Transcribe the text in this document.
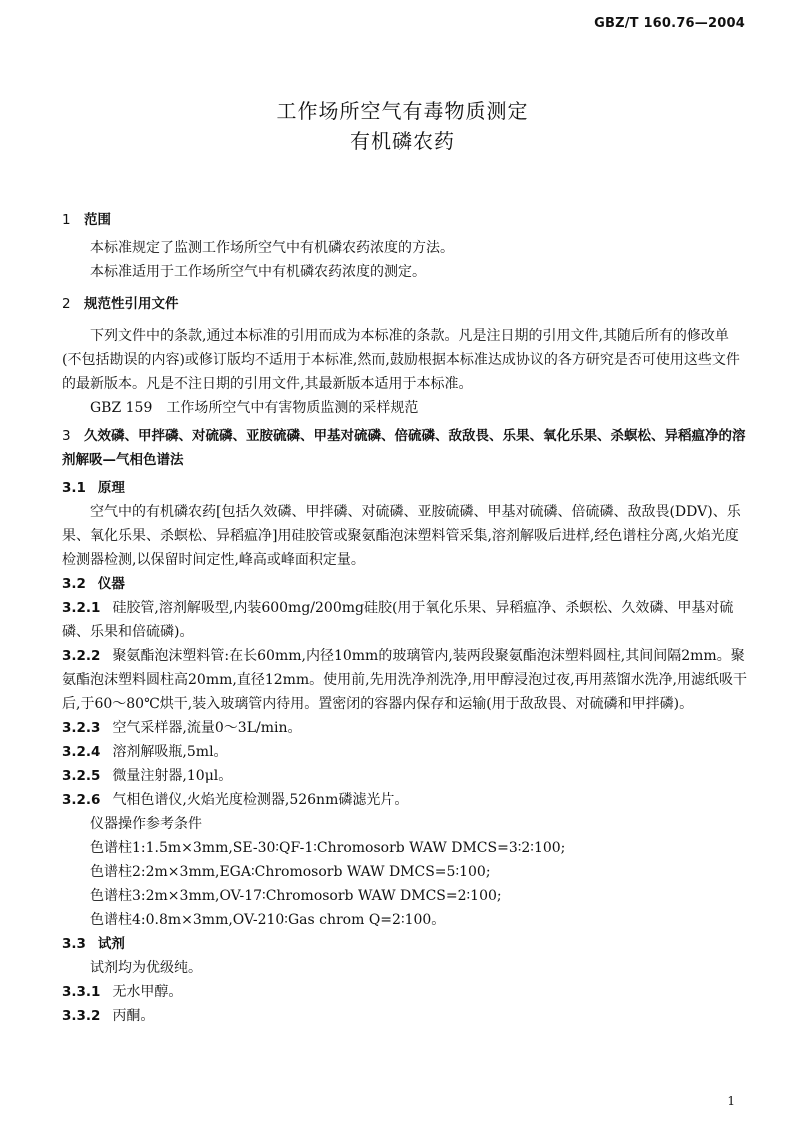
GBZ/T 160.76—2004
工作场所空气有毒物质测定
有机磷农药

1 范围

本标准规定了监测工作场所空气中有机磷农药浓度的方法。

本标准适用于工作场所空气中有机磷农药浓度的测定。

2 规范性引用文件

下列文件中的条款,通过本标准的引用而成为本标准的条款。凡是注日期的引用文件,其随后所有的修改单(不包括勘误的内容)或修订版均不适用于本标准,然而,鼓励根据本标准达成协议的各方研究是否可使用这些文件的最新版本。凡是不注日期的引用文件,其最新版本适用于本标准。

GBZ 159　工作场所空气中有害物质监测的采样规范

3 久效磷、甲拌磷、对硫磷、亚胺硫磷、甲基对硫磷、倍硫磷、敌敌畏、乐果、氧化乐果、杀螟松、异稻瘟净的溶剂解吸—气相色谱法

3.1 原理

空气中的有机磷农药[包括久效磷、甲拌磷、对硫磷、亚胺硫磷、甲基对硫磷、倍硫磷、敌敌畏(DDV)、乐果、氧化乐果、杀螟松、异稻瘟净]用硅胶管或聚氨酯泡沫塑料管采集,溶剂解吸后进样,经色谱柱分离,火焰光度检测器检测,以保留时间定性,峰高或峰面积定量。

3.2 仪器

3.2.1 硅胶管,溶剂解吸型,内装600mg/200mg硅胶(用于氧化乐果、异稻瘟净、杀螟松、久效磷、甲基对硫磷、乐果和倍硫磷)。

3.2.2 聚氨酯泡沫塑料管:在长60mm,内径10mm的玻璃管内,装两段聚氨酯泡沫塑料圆柱,其间间隔2mm。聚氨酯泡沫塑料圆柱高20mm,直径12mm。使用前,先用洗净剂洗净,用甲醇浸泡过夜,再用蒸馏水洗净,用滤纸吸干后,于60～80℃烘干,装入玻璃管内待用。置密闭的容器内保存和运输(用于敌敌畏、对硫磷和甲拌磷)。

3.2.3 空气采样器,流量0～3L/min。

3.2.4 溶剂解吸瓶,5ml。

3.2.5 微量注射器,10μl。

3.2.6 气相色谱仪,火焰光度检测器,526nm磷滤光片。

仪器操作参考条件

色谱柱1:1.5m×3mm,SE-30∶QF-1∶Chromosorb WAW DMCS=3∶2∶100;

色谱柱2:2m×3mm,EGA∶Chromosorb WAW DMCS=5∶100;

色谱柱3:2m×3mm,OV-17∶Chromosorb WAW DMCS=2∶100;

色谱柱4:0.8m×3mm,OV-210∶Gas chrom Q=2∶100。

3.3 试剂

试剂均为优级纯。

3.3.1 无水甲醇。

3.3.2 丙酮。

1
